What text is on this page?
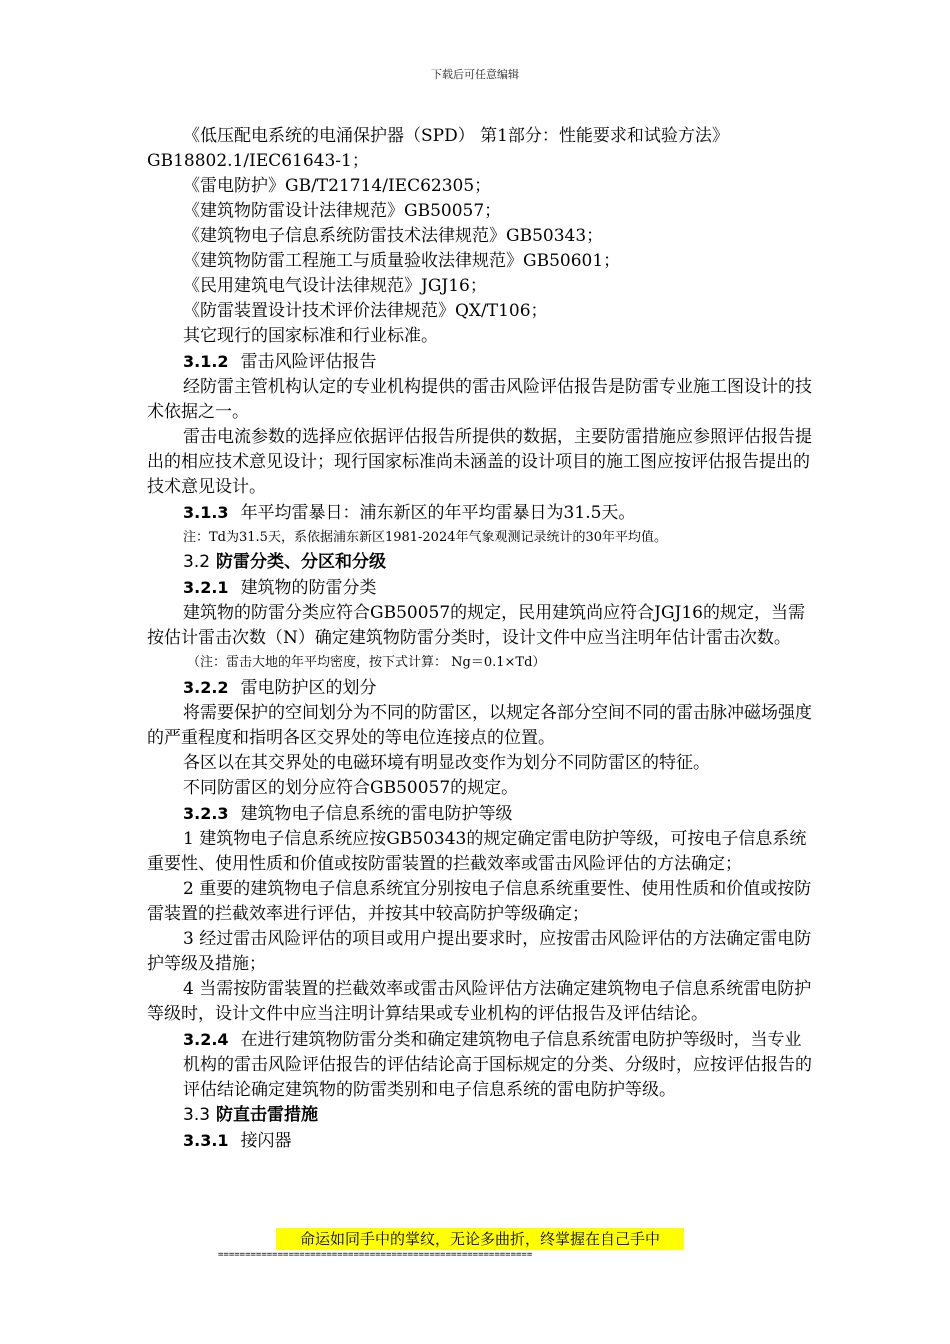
下载后可任意编辑

《低压配电系统的电涌保护器（SPD） 第1部分：性能要求和试验方法》GB18802.1/IEC61643-1；

《雷电防护》GB/T21714/IEC62305；

《建筑物防雷设计法律规范》GB50057；

《建筑物电子信息系统防雷技术法律规范》GB50343；

《建筑物防雷工程施工与质量验收法律规范》GB50601；

《民用建筑电气设计法律规范》JGJ16；

《防雷装置设计技术评价法律规范》QX/T106；

其它现行的国家标准和行业标准。

3.1.2 雷击风险评估报告

经防雷主管机构认定的专业机构提供的雷击风险评估报告是防雷专业施工图设计的技术依据之一。

雷击电流参数的选择应依据评估报告所提供的数据，主要防雷措施应参照评估报告提出的相应技术意见设计；现行国家标准尚未涵盖的设计项目的施工图应按评估报告提出的技术意见设计。

3.1.3 年平均雷暴日：浦东新区的年平均雷暴日为31.5天。

注：Td为31.5天，系依据浦东新区1981-2024年气象观测记录统计的30年平均值。

3.2 防雷分类、分区和分级

3.2.1 建筑物的防雷分类

建筑物的防雷分类应符合GB50057的规定，民用建筑尚应符合JGJ16的规定，当需按估计雷击次数（N）确定建筑物防雷分类时，设计文件中应当注明年估计雷击次数。

（注：雷击大地的年平均密度，按下式计算： Ng＝0.1×Td）

3.2.2 雷电防护区的划分

将需要保护的空间划分为不同的防雷区，以规定各部分空间不同的雷击脉冲磁场强度的严重程度和指明各区交界处的等电位连接点的位置。

各区以在其交界处的电磁环境有明显改变作为划分不同防雷区的特征。

不同防雷区的划分应符合GB50057的规定。

3.2.3 建筑物电子信息系统的雷电防护等级

1 建筑物电子信息系统应按GB50343的规定确定雷电防护等级，可按电子信息系统重要性、使用性质和价值或按防雷装置的拦截效率或雷击风险评估的方法确定；

2 重要的建筑物电子信息系统宜分别按电子信息系统重要性、使用性质和价值或按防雷装置的拦截效率进行评估，并按其中较高防护等级确定；

3 经过雷击风险评估的项目或用户提出要求时，应按雷击风险评估的方法确定雷电防护等级及措施；

4 当需按防雷装置的拦截效率或雷击风险评估方法确定建筑物电子信息系统雷电防护等级时，设计文件中应当注明计算结果或专业机构的评估报告及评估结论。

3.2.4 在进行建筑物防雷分类和确定建筑物电子信息系统雷电防护等级时，当专业机构的雷击风险评估报告的评估结论高于国标规定的分类、分级时，应按评估报告的评估结论确定建筑物的防雷类别和电子信息系统的雷电防护等级。

3.3 防直击雷措施

3.3.1 接闪器

命运如同手中的掌纹，无论多曲折，终掌握在自己手中
==========================================================
